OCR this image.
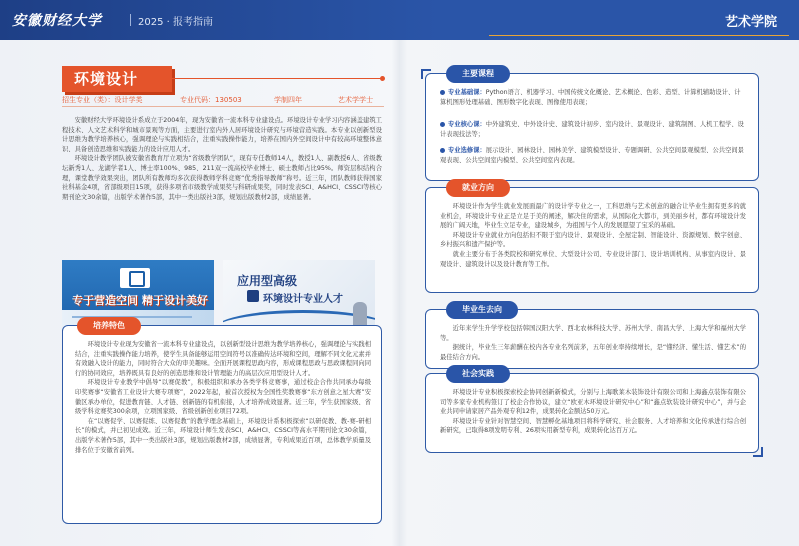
安徽财经大学	2025 · 报考指南	艺术学院
环境设计
招生专业（类）：设计学类	专业代码：130503	学制四年	艺术学学士

安徽财经大学环境设计系成立于2004年，现为安徽省一流本科专业建设点。环境设计专业学习内容涵盖建筑工程技术、人文艺术科学和城市景观等方面，主要进行室内外人居环境设计研究与环境营造实践。本专业以创新型设计思维为教学培养核心，强调理论与实践相结合，注重实践操作能力，培养在国内外空间设计中有较高环境整体意识、具备创造思维和实践能力的设计应用人才。

环境设计教学团队被安徽省教育厅立项为“省级教学团队”，现有专任教师14人，教授1人、副教授6人、省级教坛新秀1人、龙湖学者1人、博士率100%、985、211双一流高校毕业博士、硕士教师占比95%。师资层积结构合理，课堂教学效果突出，团队所有教师均多次获得教师学科竞赛“优秀指导教师”称号。近三年，团队教师获得国家社科基金4项，省部级项目15项，获得多项省市级教学成果奖与科研成果奖，同时发表SCI、A&HCI、CSSCI等核心期刊论文30余篇，出版学术著作5部，其中一类出版社3部，规划出版教材2部，成绩显著。

专于营造空间 精于设计美好
应用型高级
环境设计专业人才
培养特色

环境设计专业现为安徽省一流本科专业建设点，以创新型设计思维为教学培养核心，强调理论与实践相结合，注重实践操作能力培养，使学生具备能够运用空间符号以准确传达环境和空间，理解不同文化元素并有效融入设计的能力，同时符合大众的审美趣味。全面开展课程思政内容，形成课程思政与思政课程同向同行的协同效应，培养既具有良好的创造思维和设计管理能力的高层次应用型设计人才。

环境设计专业教学中倡导“以赛促教”，积极组织和承办各类学科竞赛事，通过校企合作共同承办每级印奖赛事“安徽省工业设计大赛专项赛”，2022年起，被首次授权为全国性奖教赛事“东方创意之星大赛”安徽区承办单位，促进教育链、人才链、创新链的有机衔接，人才培养成效显著。近三年，学生获国家级、省级学科竞赛奖300余项，立项国家级、省级创新创业项目72项。

在“以赛促学、以赛促练、以赛促教”的教学理念基础上，环境设计系积极探索“以研促教、教-赛-研相长”的模式，并已初见成效。近三年，环境设计师生发表SCI、A&HCI、CSSCI等高水平期刊论文30余篇，出版学术著作5部，其中一类出版社3部，规划出版教材2部，成绩显著，专利成果近百项，总体教学质量及排名位于安徽省前列。

主要课程
专业基础课：Python语言、机器学习、中国传统文化概论、艺术概论、色彩、造型、计算机辅助设计、计算机图形处理基础、图形数字化表现、图像使用表现；
专业核心课：中外建筑史、中外设计史、建筑设计初步、室内设计、景观设计、建筑制图、人机工程学、设计表现技法等；
专业选修课：展示设计、园林设计、园林美学、建筑模型设计、专题调研、公共空间景观模型、公共空间景观表现、公共空间室内模型、公共空间室内表现。
就业方向

环境设计作为学生就业发展面最广的设计学专业之一，工科思维与艺术创意的融合让毕业生拥有更多的就业机会，环境设计专业正是立足于美的阐述，解决住的需求，从国际化大都市，到美丽乡村，都有环境设计发展的广阔天地，毕业生立足专业，建设城乡，为祖国与个人的发展愿望了宝采的基础。

环境设计专业就业方向包括但不限于室内设计、景观设计、全屋定制、智能设计、资源规划、数字创意、乡村振兴和遗产保护等。

就业主要分布于各类院校和研究单位、大型设计公司、专业设计部门、设计培训机构、从事室内设计、景观设计、建筑设计以及设计教育等工作。

毕业生去向

近年来学生升学学校包括韩国汉阳大学、西北农林科技大学、苏州大学、南昌大学、上海大学和福州大学等。

据统计，毕业生三年薪酬在校内各专业名列前茅，五年创业率持续增长，是“懂经济、懂生活、懂艺术”的最佳结合方向。

社会实践

环境设计专业积极探索校企协同创新新模式，分别与上海歌莱木装饰设计有限公司和上海鑫点装饰有限公司等多家专业机构签订了校企合作协议，建立“欧亚木环境设计研究中心”和“鑫点软装设计研究中心”，并与企业共同申请家居产品外观专利12件，成果转化金额达50万元。

环境设计专业针对智慧空间、智慧孵化基地项目将科学研究、社会服务、人才培养和文化传承进行综合创新研究，已取得8项发明专利、26项实用新型专利，成果转化达百万元。
